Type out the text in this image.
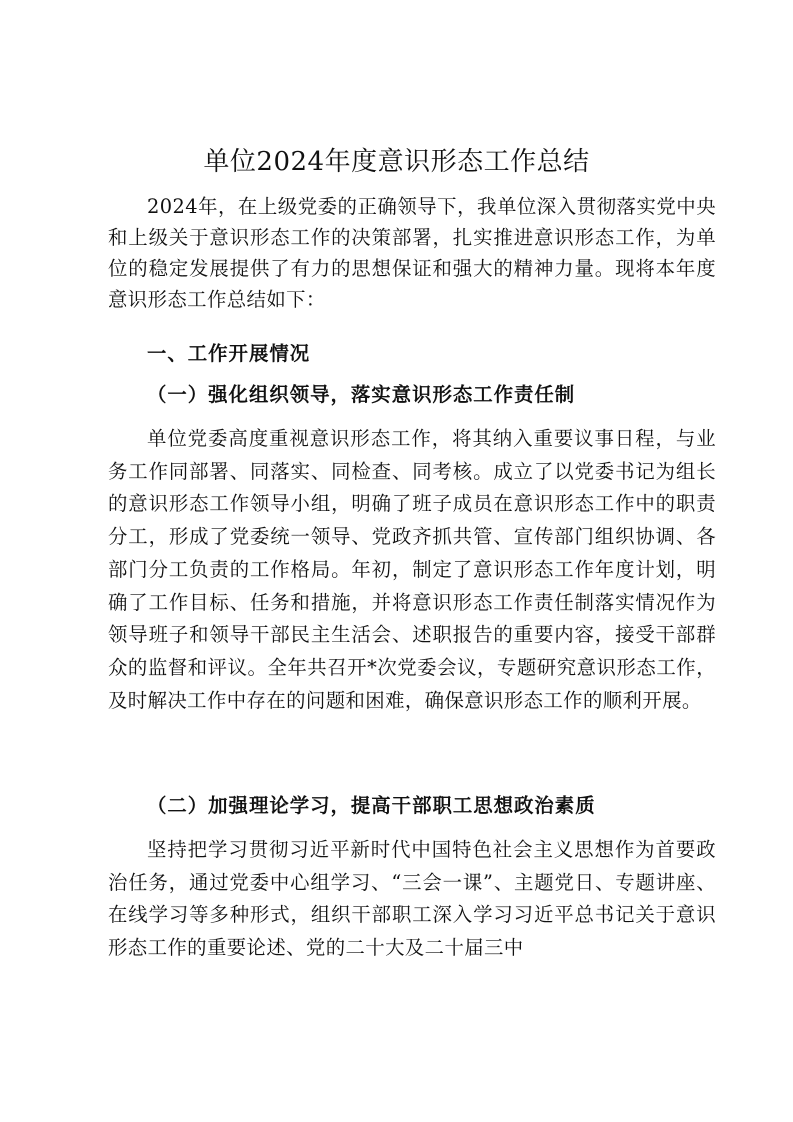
单位2024年度意识形态工作总结

2024年，在上级党委的正确领导下，我单位深入贯彻落实党中央和上级关于意识形态工作的决策部署，扎实推进意识形态工作，为单位的稳定发展提供了有力的思想保证和强大的精神力量。现将本年度意识形态工作总结如下：

一、工作开展情况
（一）强化组织领导，落实意识形态工作责任制

单位党委高度重视意识形态工作，将其纳入重要议事日程，与业务工作同部署、同落实、同检查、同考核。成立了以党委书记为组长的意识形态工作领导小组，明确了班子成员在意识形态工作中的职责分工，形成了党委统一领导、党政齐抓共管、宣传部门组织协调、各部门分工负责的工作格局。年初，制定了意识形态工作年度计划，明确了工作目标、任务和措施，并将意识形态工作责任制落实情况作为领导班子和领导干部民主生活会、述职报告的重要内容，接受干部群众的监督和评议。全年共召开*次党委会议，专题研究意识形态工作，及时解决工作中存在的问题和困难，确保意识形态工作的顺利开展。

（二）加强理论学习，提高干部职工思想政治素质

坚持把学习贯彻习近平新时代中国特色社会主义思想作为首要政治任务，通过党委中心组学习、“三会一课”、主题党日、专题讲座、在线学习等多种形式，组织干部职工深入学习习近平总书记关于意识形态工作的重要论述、党的二十大及二十届三中
